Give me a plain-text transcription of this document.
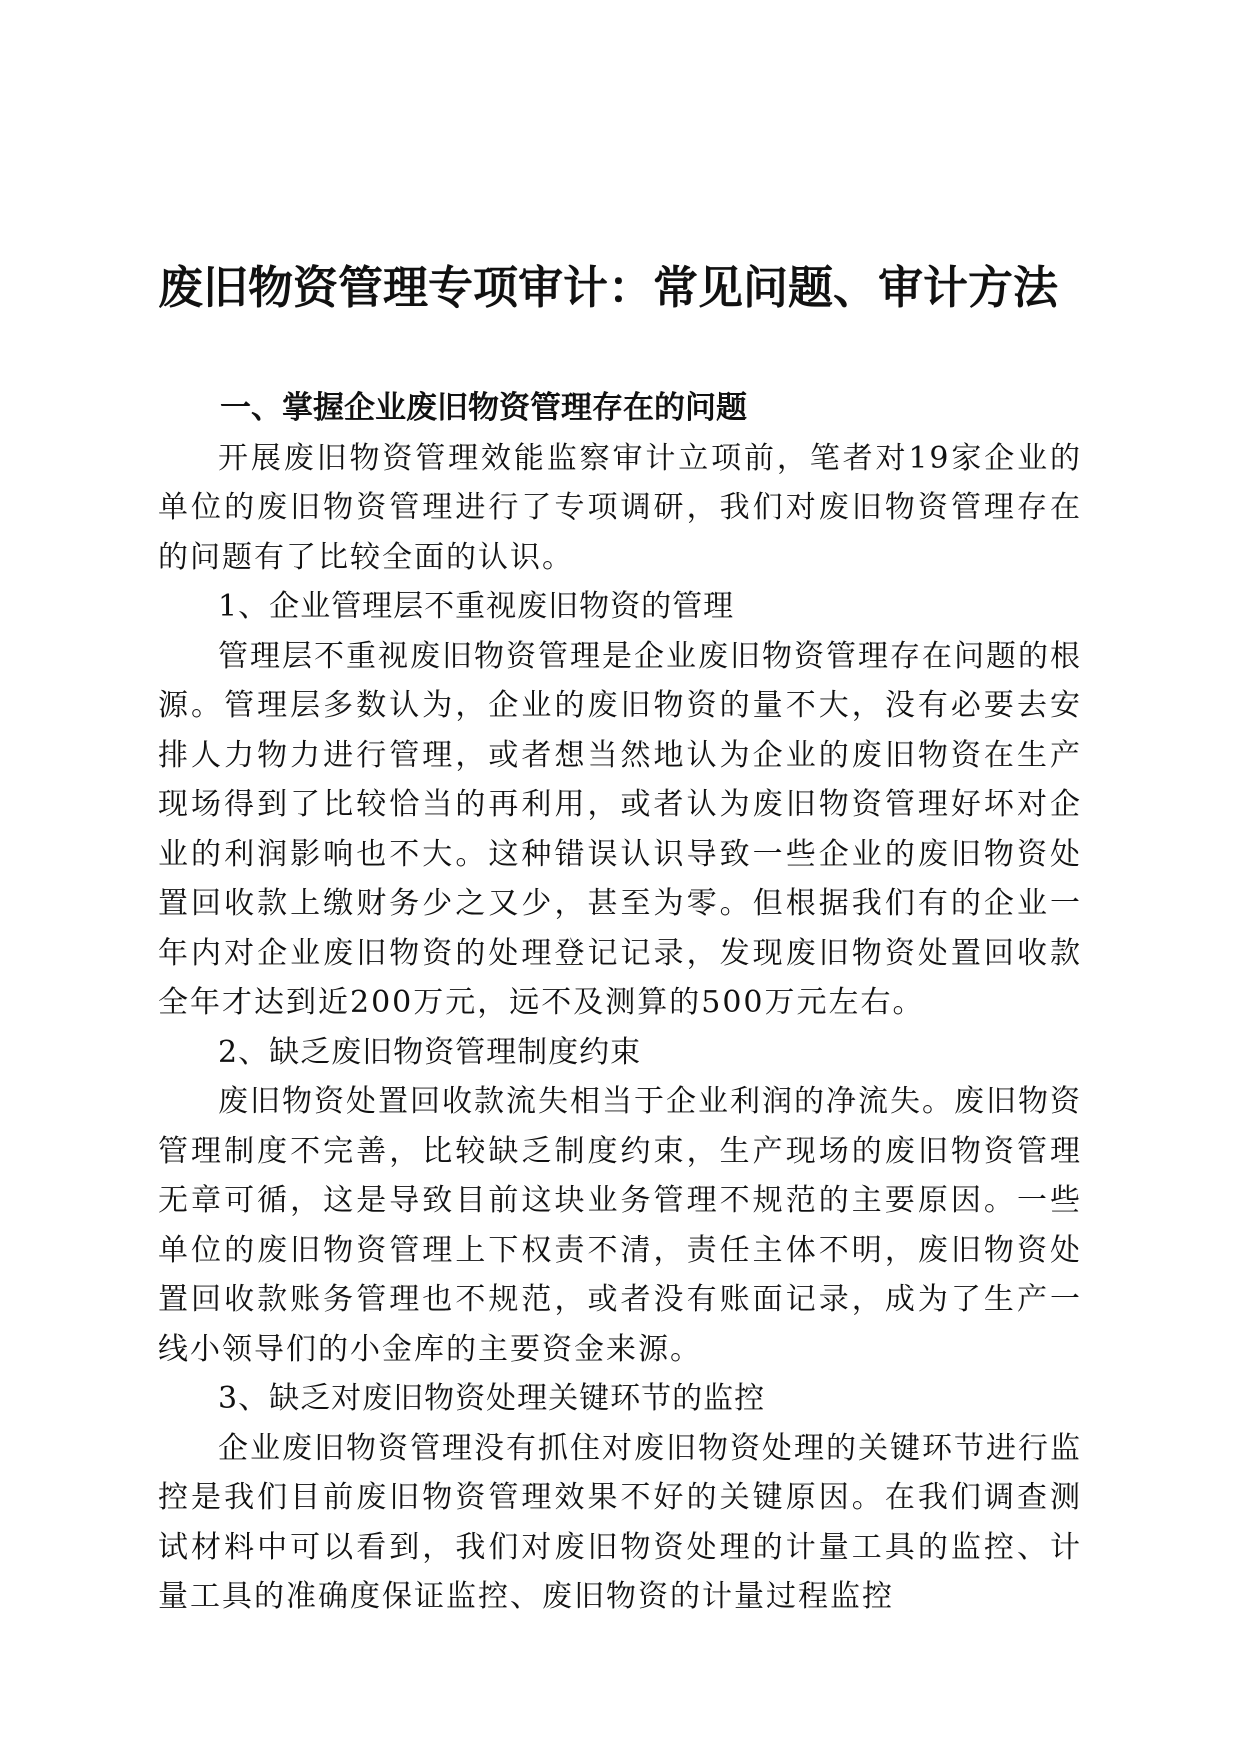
废旧物资管理专项审计：常见问题、审计方法

一、掌握企业废旧物资管理存在的问题

开展废旧物资管理效能监察审计立项前，笔者对19家企业的单位的废旧物资管理进行了专项调研，我们对废旧物资管理存在的问题有了比较全面的认识。

1、企业管理层不重视废旧物资的管理

管理层不重视废旧物资管理是企业废旧物资管理存在问题的根源。管理层多数认为，企业的废旧物资的量不大，没有必要去安排人力物力进行管理，或者想当然地认为企业的废旧物资在生产现场得到了比较恰当的再利用，或者认为废旧物资管理好坏对企业的利润影响也不大。这种错误认识导致一些企业的废旧物资处置回收款上缴财务少之又少，甚至为零。但根据我们有的企业一年内对企业废旧物资的处理登记记录，发现废旧物资处置回收款全年才达到近200万元，远不及测算的500万元左右。

2、缺乏废旧物资管理制度约束

废旧物资处置回收款流失相当于企业利润的净流失。废旧物资管理制度不完善，比较缺乏制度约束，生产现场的废旧物资管理无章可循，这是导致目前这块业务管理不规范的主要原因。一些单位的废旧物资管理上下权责不清，责任主体不明，废旧物资处置回收款账务管理也不规范，或者没有账面记录，成为了生产一线小领导们的小金库的主要资金来源。

3、缺乏对废旧物资处理关键环节的监控

企业废旧物资管理没有抓住对废旧物资处理的关键环节进行监控是我们目前废旧物资管理效果不好的关键原因。在我们调查测试材料中可以看到，我们对废旧物资处理的计量工具的监控、计量工具的准确度保证监控、废旧物资的计量过程监控
